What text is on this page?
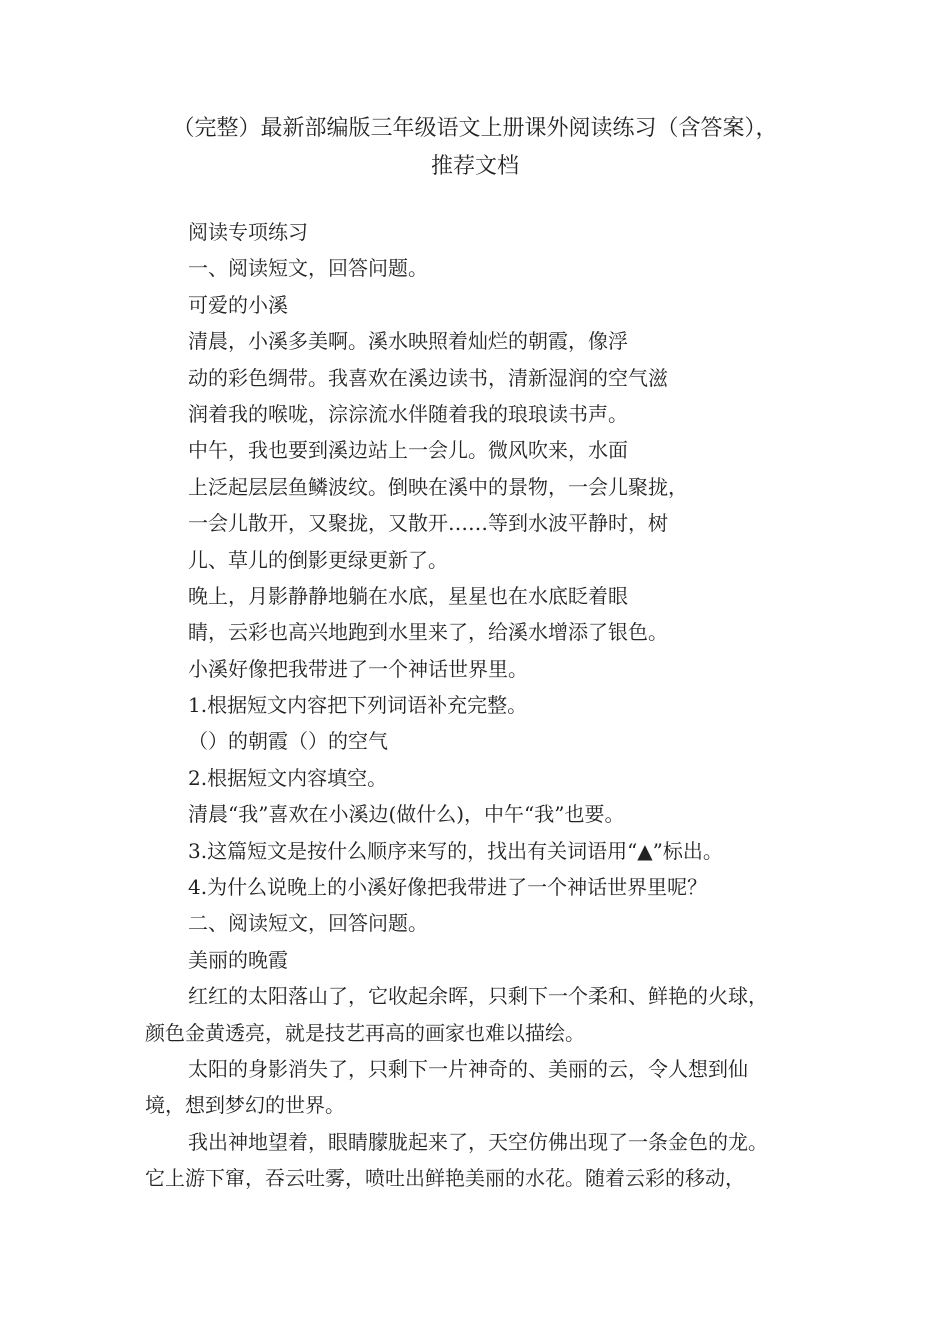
（完整）最新部编版三年级语文上册课外阅读练习（含答案），
推荐文档
阅读专项练习
一、阅读短文，回答问题。
可爱的小溪
清晨，小溪多美啊。溪水映照着灿烂的朝霞，像浮
动的彩色绸带。我喜欢在溪边读书，清新湿润的空气滋
润着我的喉咙，淙淙流水伴随着我的琅琅读书声。
中午，我也要到溪边站上一会儿。微风吹来，水面
上泛起层层鱼鳞波纹。倒映在溪中的景物，一会儿聚拢，
一会儿散开，又聚拢，又散开……等到水波平静时，树
儿、草儿的倒影更绿更新了。
晚上，月影静静地躺在水底，星星也在水底眨着眼
睛，云彩也高兴地跑到水里来了，给溪水增添了银色。
小溪好像把我带进了一个神话世界里。
1.根据短文内容把下列词语补充完整。
（）的朝霞（）的空气
2.根据短文内容填空。
清晨“我”喜欢在小溪边(做什么)，中午“我”也要。
3.这篇短文是按什么顺序来写的，找出有关词语用“▲”标出。
4.为什么说晚上的小溪好像把我带进了一个神话世界里呢？
二、阅读短文，回答问题。
美丽的晚霞
红红的太阳落山了，它收起余晖，只剩下一个柔和、鲜艳的火球，
颜色金黄透亮，就是技艺再高的画家也难以描绘。
太阳的身影消失了，只剩下一片神奇的、美丽的云，令人想到仙
境，想到梦幻的世界。
我出神地望着，眼睛朦胧起来了，天空仿佛出现了一条金色的龙。
它上游下窜，吞云吐雾，喷吐出鲜艳美丽的水花。随着云彩的移动，
